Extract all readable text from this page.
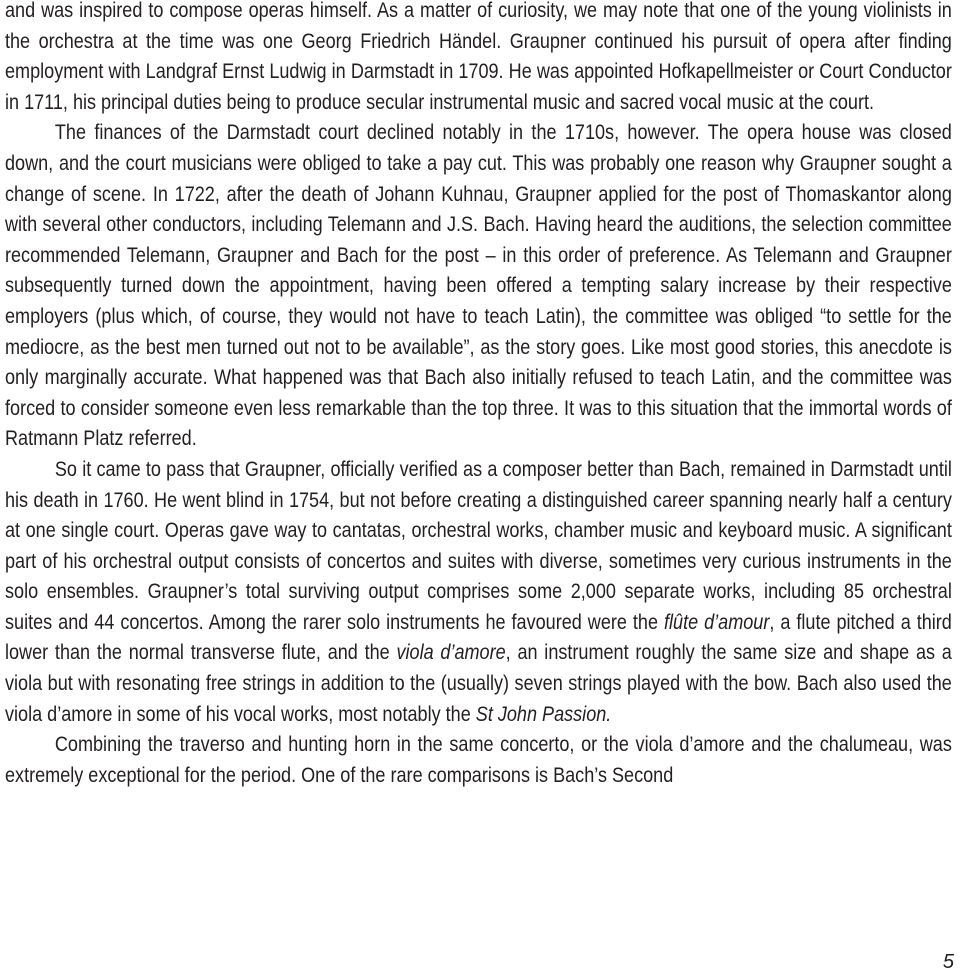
and was inspired to compose operas himself. As a matter of curiosity, we may note that one of the young violinists in the orchestra at the time was one Georg Friedrich Händel. Graupner continued his pursuit of opera after finding employment with Landgraf Ernst Ludwig in Darmstadt in 1709. He was appointed Hofkapellmeister or Court Conductor in 1711, his principal duties being to produce secular instrumental music and sacred vocal music at the court.

The finances of the Darmstadt court declined notably in the 1710s, however. The opera house was closed down, and the court musicians were obliged to take a pay cut. This was probably one reason why Graupner sought a change of scene. In 1722, after the death of Johann Kuhnau, Graupner applied for the post of Thomaskantor along with several other conductors, including Telemann and J.S. Bach. Having heard the auditions, the selection committee recommended Telemann, Graupner and Bach for the post – in this order of preference. As Telemann and Graupner subsequently turned down the appointment, having been offered a tempting salary increase by their respective employers (plus which, of course, they would not have to teach Latin), the committee was obliged “to settle for the mediocre, as the best men turned out not to be available”, as the story goes. Like most good stories, this anecdote is only marginally accurate. What happened was that Bach also initially refused to teach Latin, and the committee was forced to consider someone even less remarkable than the top three. It was to this situation that the immortal words of Ratmann Platz referred.

So it came to pass that Graupner, officially verified as a composer better than Bach, remained in Darmstadt until his death in 1760. He went blind in 1754, but not before creating a distinguished career spanning nearly half a century at one single court. Operas gave way to cantatas, orchestral works, chamber music and keyboard music. A significant part of his orchestral output consists of concertos and suites with diverse, sometimes very curious instruments in the solo ensembles. Graupner’s total surviving output comprises some 2,000 separate works, including 85 orchestral suites and 44 concertos. Among the rarer solo instruments he favoured were the flûte d’amour, a flute pitched a third lower than the normal transverse flute, and the viola d’amore, an instrument roughly the same size and shape as a viola but with resonating free strings in addition to the (usually) seven strings played with the bow. Bach also used the viola d’amore in some of his vocal works, most notably the St John Passion.

Combining the traverso and hunting horn in the same concerto, or the viola d’amore and the chalumeau, was extremely exceptional for the period. One of the rare comparisons is Bach’s Second

5
